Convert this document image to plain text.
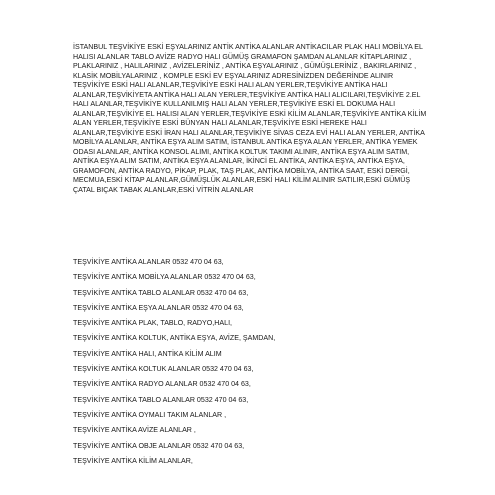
İSTANBUL TEŞVİKİYE ESKİ EŞYALARINIZ ANTİK ANTİKA ALANLAR ANTİKACILAR PLAK HALI MOBİLYA EL HALISI ALANLAR TABLO AVİZE RADYO HALI GÜMÜŞ GRAMAFON ŞAMDAN ALANLAR KİTAPLARINIZ , PLAKLARINIZ , HALILARINIZ , AVİZELERİNİZ , ANTİKA EŞYALARINIZ , GÜMÜŞLERİNİZ , BAKIRLARINIZ , KLASİK MOBİLYALARINIZ , KOMPLE ESKİ EV EŞYALARINIZ ADRESİNİZDEN DEĞERİNDE ALINIR TEŞVİKİYE ESKİ HALI ALANLAR,TEŞVİKİYE ESKİ HALI ALAN YERLER,TEŞVİKİYE ANTİKA HALI ALANLAR,TEŞVİKİYETA ANTİKA HALI ALAN YERLER,TEŞVİKİYE ANTİKA HALI ALICILARI,TEŞVİKİYE 2.EL HALI ALANLAR,TEŞVİKİYE KULLANILMIŞ HALI ALAN YERLER,TEŞVİKİYE ESKİ EL DOKUMA HALI ALANLAR,TEŞVİKİYE EL HALISI ALAN YERLER,TEŞVİKİYE ESKİ KİLİM ALANLAR,TEŞVİKİYE ANTİKA KİLİM ALAN YERLER,TEŞVİKİYE ESKİ BÜNYAN HALI ALANLAR,TEŞVİKİYE ESKİ HEREKE HALI ALANLAR,TEŞVİKİYE ESKİ İRAN HALI ALANLAR,TEŞVİKİYE SİVAS CEZA EVİ HALI ALAN YERLER, ANTİKA MOBİLYA ALANLAR, ANTİKA EŞYA ALIM SATIM, İSTANBUL ANTİKA EŞYA ALAN YERLER, ANTİKA YEMEK ODASI ALANLAR, ANTİKA KONSOL ALIMI, ANTİKA KOLTUK TAKIMI ALINIR, ANTİKA EŞYA ALIM SATIM, ANTİKA EŞYA ALIM SATIM, ANTİKA EŞYA ALANLAR, İKİNCİ EL ANTİKA, ANTİKA EŞYA, ANTİKA EŞYA, GRAMOFON, ANTİKA RADYO, PİKAP, PLAK, TAŞ PLAK, ANTİKA MOBİLYA, ANTİKA SAAT, ESKİ DERGİ, MECMUA,ESKİ KİTAP ALANLAR,GÜMÜŞLÜK ALANLAR,ESKİ HALI KİLİM ALINIR SATILIR,ESKİ GÜMÜŞ ÇATAL BIÇAK TABAK ALANLAR,ESKİ VİTRİN ALANLAR

TEŞVİKİYE ANTİKA ALANLAR 0532 470 04 63,
TEŞVİKİYE ANTİKA MOBİLYA ALANLAR 0532 470 04 63,
TEŞVİKİYE ANTİKA TABLO ALANLAR 0532 470 04 63,
TEŞVİKİYE ANTİKA EŞYA ALANLAR 0532 470 04 63,
TEŞVİKİYE ANTİKA PLAK, TABLO, RADYO,HALI,
TEŞVİKİYE ANTİKA KOLTUK, ANTİKA EŞYA, AVİZE, ŞAMDAN,
TEŞVİKİYE ANTİKA HALI, ANTİKA KİLİM ALIM
TEŞVİKİYE ANTİKA KOLTUK ALANLAR 0532 470 04 63,
TEŞVİKİYE ANTİKA RADYO ALANLAR 0532 470 04 63,
TEŞVİKİYE ANTİKA TABLO ALANLAR 0532 470 04 63,
TEŞVİKİYE ANTİKA OYMALI TAKIM ALANLAR ,
TEŞVİKİYE ANTİKA AVİZE ALANLAR ,
TEŞVİKİYE ANTİKA OBJE ALANLAR 0532 470 04 63,
TEŞVİKİYE ANTİKA KİLİM ALANLAR,
